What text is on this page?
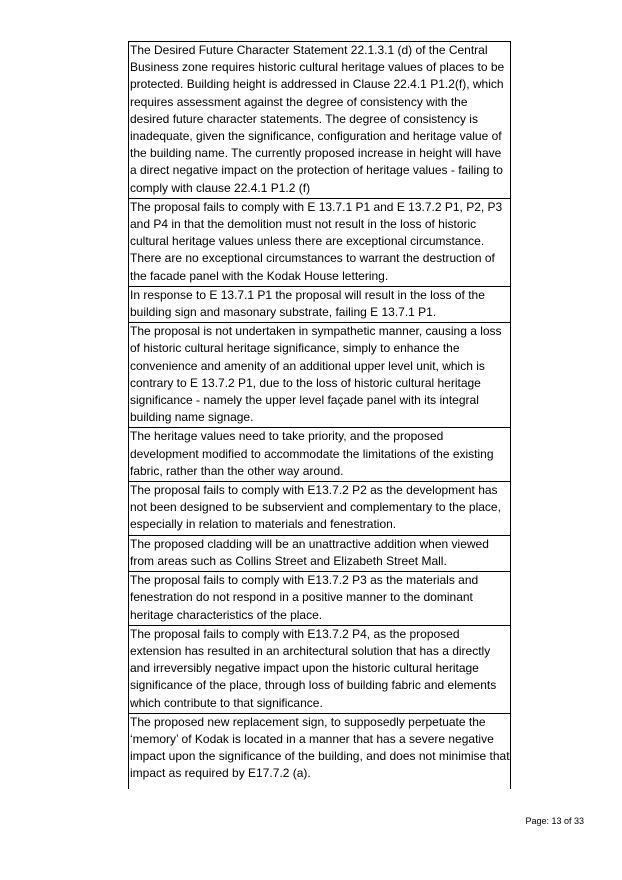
The Desired Future Character Statement 22.1.3.1 (d) of the Central Business zone requires historic cultural heritage values of places to be protected. Building height is addressed in Clause 22.4.1 P1.2(f), which requires assessment against the degree of consistency with the desired future character statements. The degree of consistency is inadequate, given the significance, configuration and heritage value of the building name. The currently proposed increase in height will have a direct negative impact on the protection of heritage values - failing to comply with clause 22.4.1 P1.2 (f)
The proposal fails to comply with E 13.7.1 P1 and E 13.7.2 P1, P2, P3 and P4 in that the demolition must not result in the loss of historic cultural heritage values unless there are exceptional circumstance. There are no exceptional circumstances to warrant the destruction of the facade panel with the Kodak House lettering.
In response to E 13.7.1 P1 the proposal will result in the loss of the building sign and masonary substrate, failing E 13.7.1 P1.
The proposal is not undertaken in sympathetic manner, causing a loss of historic cultural heritage significance, simply to enhance the convenience and amenity of an additional upper level unit, which is contrary to E 13.7.2 P1, due to the loss of historic cultural heritage significance - namely the upper level façade panel with its integral building name signage.
The heritage values need to take priority, and the proposed development modified to accommodate the limitations of the existing fabric, rather than the other way around.
The proposal fails to comply with E13.7.2 P2 as the development has not been designed to be subservient and complementary to the place, especially in relation to materials and fenestration.
The proposed cladding will be an unattractive addition when viewed from areas such as Collins Street and Elizabeth Street Mall.
The proposal fails to comply with E13.7.2 P3 as the materials and fenestration do not respond in a positive manner to the dominant heritage characteristics of the place.
The proposal fails to comply with E13.7.2 P4, as the proposed extension has resulted in an architectural solution that has a directly and irreversibly negative impact upon the historic cultural heritage significance of the place, through loss of building fabric and elements which contribute to that significance.
The proposed new replacement sign, to supposedly perpetuate the ‘memory’ of Kodak is located in a manner that has a severe negative impact upon the significance of the building, and does not minimise that impact as required by E17.7.2 (a).
Page: 13 of 33
